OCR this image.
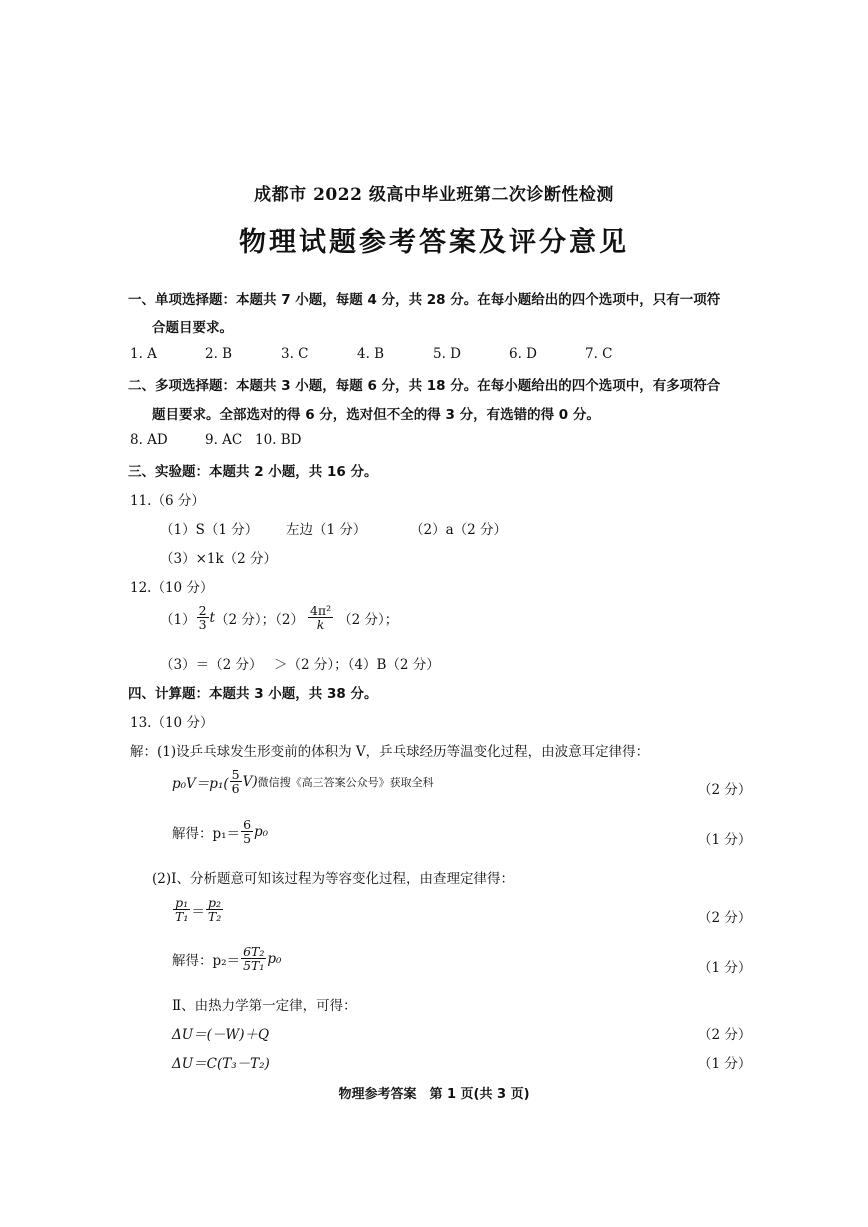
成都市 2022 级高中毕业班第二次诊断性检测
物理试题参考答案及评分意见
一、单项选择题：本题共 7 小题，每题 4 分，共 28 分。在每小题给出的四个选项中，只有一项符
合题目要求。
1. A	2. B	3. C	4. B	5. D	6. D	7. C
二、多项选择题：本题共 3 小题，每题 6 分，共 18 分。在每小题给出的四个选项中，有多项符合
题目要求。全部选对的得 6 分，选对但不全的得 3 分，有选错的得 0 分。
8. AD	9. AC 10. BD
三、实验题：本题共 2 小题，共 16 分。
11.（6 分）
（1）S（1 分） 左边（1 分）	（2）a（2 分）
（3）×1k（2 分）
12.（10 分）
$(1) \frac{2}{3}$ t （2 分）；$(2) \frac{\text{4π²}}{k} (2$ 分）；
（3）＝（2 分） ＞（2 分）；（4）B（2 分）
四、计算题：本题共 3 小题，共 38 分。
13.（10 分）
解：(1)设乒乓球发生形变前的体积为 V，乒乓球经历等温变化过程，由波意耳定律得：
$p_0V=p_1( \frac{5}{6} V)$ 微信搜《高三答案公众号》获取全科	（2 分）
解得：$p_1= \frac{6}{5} p_0$
（1 分）
(2)Ⅰ、分析题意可知该过程为等容变化过程，由查理定律得：
$\frac{\text{p₁}}{\text{T₁}} = \frac{\text{p₂}}{\text{T₂}}$	（2 分）
解得：$p_2= \frac{\text{6T₂}}{\text{5T₁}} p_0$
（1 分）
Ⅱ、由热力学第一定律，可得：
ΔU＝(－W)＋Q	（2 分）
ΔU＝C(T₃－T₂)	（1 分）
物理参考答案　第 1 页(共 3 页)
